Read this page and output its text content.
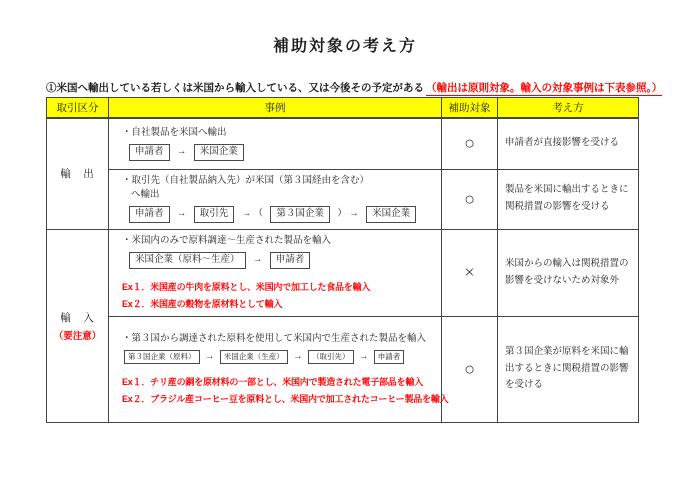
補助対象の考え方
①米国へ輸出している若しくは米国から輸入している、又は今後その予定がある （輸出は原則対象。輸入の対象事例は下表参照。）
取引区分	事例	補助対象	考え方

輸　出	・自社製品を米国へ輸出
申請者 → 米国企業	○	申請者が直接影響を受ける

	・取引先（自社製品納入先）が米国（第３国経由を含む）
へ輸出
申請者 → 取引先 → （ 第３国企業 ） → 米国企業	○	製品を米国に輸出するときに関税措置の影響を受ける

輸　入
（要注意）

・米国内のみで原料調達～生産された製品を輸入
米国企業（原料～生産） → 申請者
Ex１．米国産の牛肉を原料とし、米国内で加工した食品を輸入
Ex２．米国産の穀物を原材料として輸入
	×	米国からの輸入は関税措置の影響を受けないため対象外

	・第３国から調達された原料を使用して米国内で生産された製品を輸入
第３国企業（原料） → 米国企業（生産） → （取引先） → 申請者
Ex１．チリ産の銅を原材料の一部とし、米国内で製造された電子部品を輸入
Ex２．ブラジル産コーヒー豆を原料とし、米国内で加工されたコーヒー製品を輸入	○	第３国企業が原料を米国に輸出するときに関税措置の影響を受ける
